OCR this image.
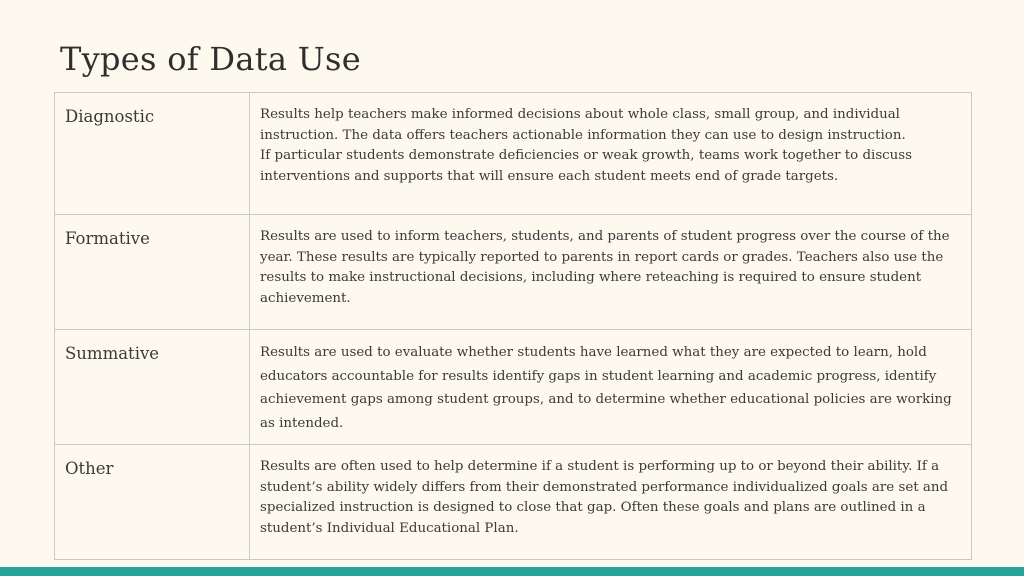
Types of Data Use
Diagnostic	Results help teachers make informed decisions about whole class, small group, and individual instruction. The data offers teachers actionable information they can use to design instruction.
If particular students demonstrate deficiencies or weak growth, teams work together to discuss interventions and supports that will ensure each student meets end of grade targets.

Formative	Results are used to inform teachers, students, and parents of student progress over the course of the year. These results are typically reported to parents in report cards or grades. Teachers also use the results to make instructional decisions, including where reteaching is required to ensure student achievement.

Summative	Results are used to evaluate whether students have learned what they are expected to learn, hold educators accountable for results identify gaps in student learning and academic progress, identify achievement gaps among student groups, and to determine whether educational policies are working as intended.

Other	Results are often used to help determine if a student is performing up to or beyond their ability. If a student’s ability widely differs from their demonstrated performance individualized goals are set and specialized instruction is designed to close that gap. Often these goals and plans are outlined in a student’s Individual Educational Plan.
